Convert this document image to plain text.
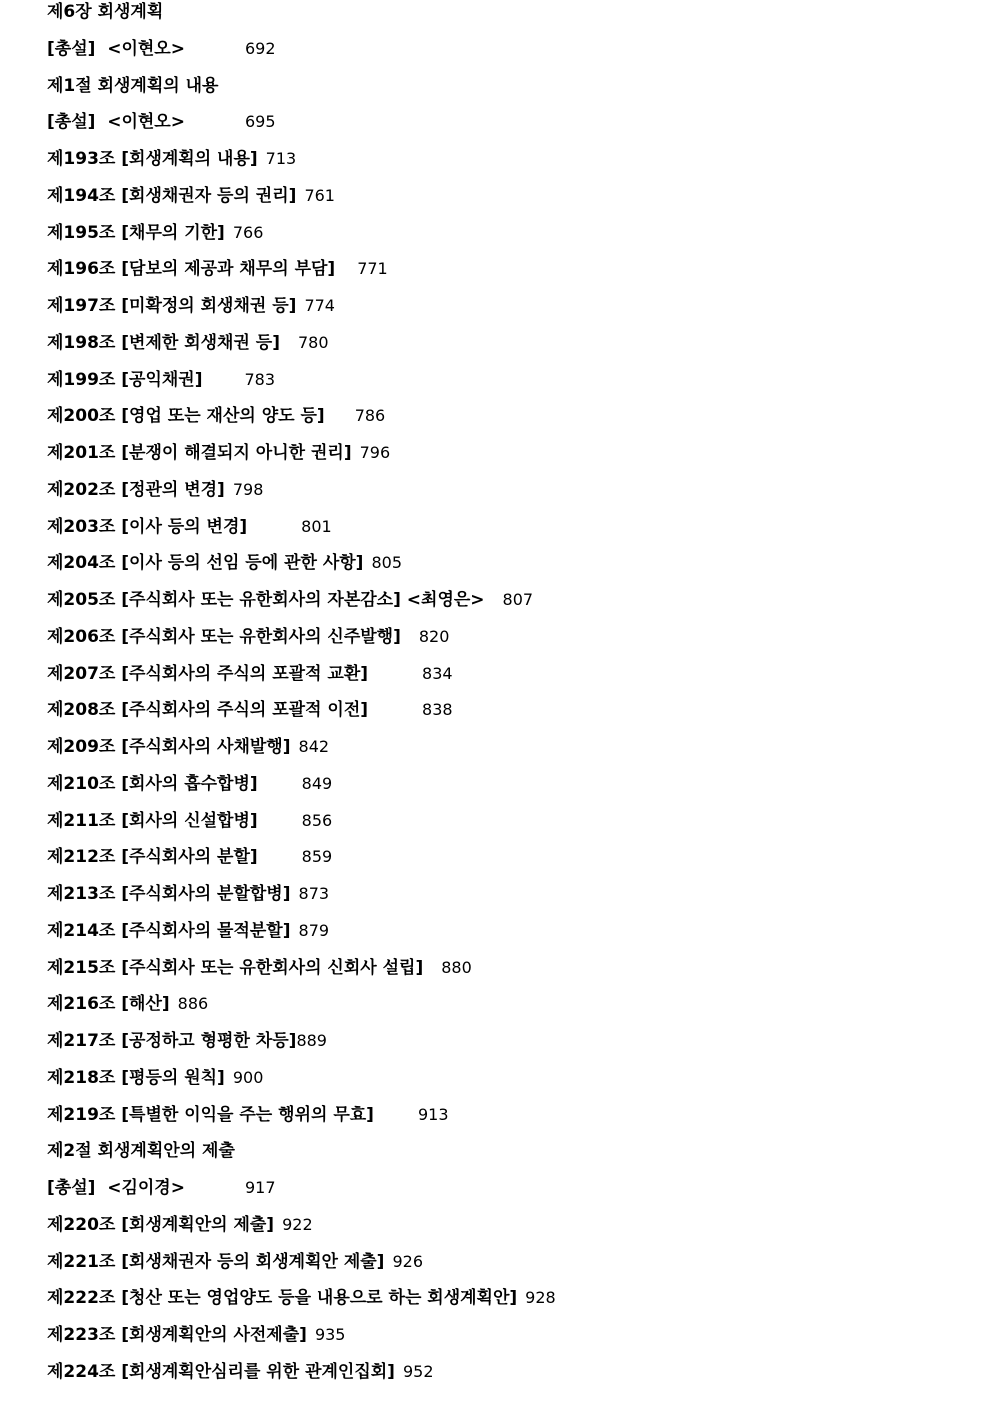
제6장 회생계획
[총설]  <이현오>	692
제1절 회생계획의 내용
[총설]  <이현오>	695
제193조 [회생계획의 내용] 713
제194조 [회생채권자 등의 권리] 761
제195조 [채무의 기한] 766
제196조 [담보의 제공과 채무의 부담] 771
제197조 [미확정의 회생채권 등] 774
제198조 [변제한 회생채권 등] 780
제199조 [공익채권]	783
제200조 [영업 또는 재산의 양도 등] 786
제201조 [분쟁이 해결되지 아니한 권리] 796
제202조 [정관의 변경] 798
제203조 [이사 등의 변경]	801
제204조 [이사 등의 선임 등에 관한 사항] 805
제205조 [주식회사 또는 유한회사의 자본감소] <최영은> 807
제206조 [주식회사 또는 유한회사의 신주발행] 820
제207조 [주식회사의 주식의 포괄적 교환]	834
제208조 [주식회사의 주식의 포괄적 이전]	838
제209조 [주식회사의 사채발행] 842
제210조 [회사의 흡수합병]	849
제211조 [회사의 신설합병]	856
제212조 [주식회사의 분할]	859
제213조 [주식회사의 분할합병] 873
제214조 [주식회사의 물적분할] 879
제215조 [주식회사 또는 유한회사의 신회사 설립] 880
제216조 [해산] 886
제217조 [공정하고 형평한 차등] 889
제218조 [평등의 원칙] 900
제219조 [특별한 이익을 주는 행위의 무효]	913
제2절 회생계획안의 제출
[총설]  <김이경>	917
제220조 [회생계획안의 제출] 922
제221조 [회생채권자 등의 회생계획안 제출] 926
제222조 [청산 또는 영업양도 등을 내용으로 하는 회생계획안] 928
제223조 [회생계획안의 사전제출] 935
제224조 [회생계획안심리를 위한 관계인집회] 952
